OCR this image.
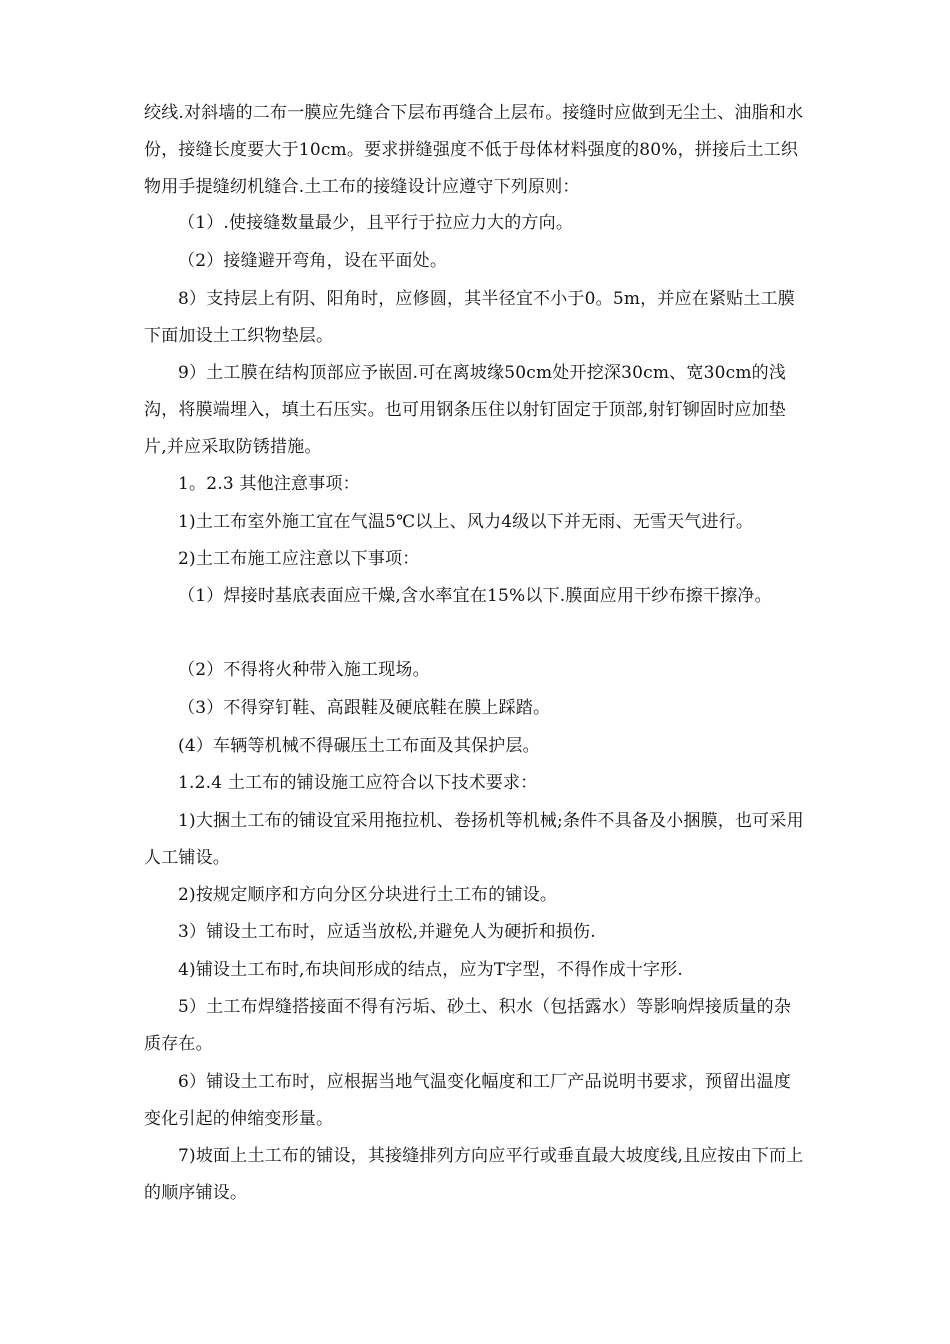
绞线.对斜墙的二布一膜应先缝合下层布再缝合上层布。接缝时应做到无尘土、油脂和水份，接缝长度要大于10cm。要求拼缝强度不低于母体材料强度的80%，拼接后土工织物用手提缝纫机缝合.土工布的接缝设计应遵守下列原则：

（1）.使接缝数量最少，且平行于拉应力大的方向。

（2）接缝避开弯角，设在平面处。

8）支持层上有阴、阳角时，应修圆，其半径宜不小于0。5m，并应在紧贴土工膜下面加设土工织物垫层。

9）土工膜在结构顶部应予嵌固.可在离坡缘50cm处开挖深30cm、宽30cm的浅沟，将膜端埋入，填土石压实。也可用钢条压住以射钉固定于顶部,射钉铆固时应加垫片,并应采取防锈措施。

1。2.3 其他注意事项：

1)土工布室外施工宜在气温5℃以上、风力4级以下并无雨、无雪天气进行。

2)土工布施工应注意以下事项：

（1）焊接时基底表面应干燥,含水率宜在15%以下.膜面应用干纱布擦干擦净。

（2）不得将火种带入施工现场。

（3）不得穿钉鞋、高跟鞋及硬底鞋在膜上踩踏。

(4）车辆等机械不得碾压土工布面及其保护层。

1.2.4 土工布的铺设施工应符合以下技术要求：

1)大捆土工布的铺设宜采用拖拉机、卷扬机等机械;条件不具备及小捆膜，也可采用人工铺设。

2)按规定顺序和方向分区分块进行土工布的铺设。

3）铺设土工布时，应适当放松,并避免人为硬折和损伤.

4)铺设土工布时,布块间形成的结点，应为T字型，不得作成十字形.

5）土工布焊缝搭接面不得有污垢、砂土、积水（包括露水）等影响焊接质量的杂质存在。

6）铺设土工布时，应根据当地气温变化幅度和工厂产品说明书要求，预留出温度变化引起的伸缩变形量。

7)坡面上土工布的铺设，其接缝排列方向应平行或垂直最大坡度线,且应按由下而上的顺序铺设。
